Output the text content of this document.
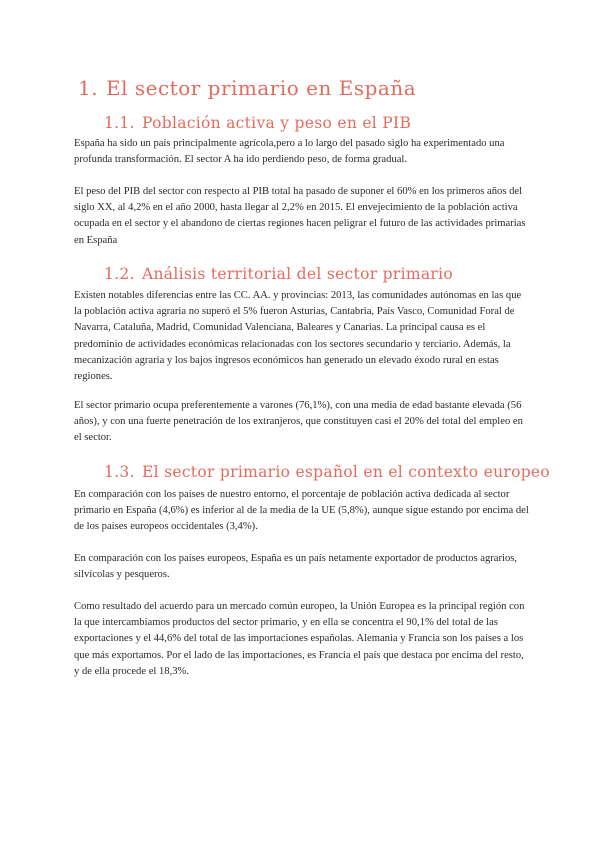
1. El sector primario en España
1.1. Población activa y peso en el PIB

España ha sido un país principalmente agrícola,pero a lo largo del pasado siglo ha experimentado una profunda transformación. El sector A ha ido perdiendo peso, de forma gradual.

El peso del PIB del sector con respecto al PIB total ha pasado de suponer el 60% en los primeros años del siglo XX, al 4,2% en el año 2000, hasta llegar al 2,2% en 2015. El envejecimiento de la población activa ocupada en el sector y el abandono de ciertas regiones hacen peligrar el futuro de las actividades primarias en España

1.2. Análisis territorial del sector primario

Existen notables diferencias entre las CC. AA. y provincias: 2013, las comunidades autónomas en las que la población activa agraria no superó el 5% fueron Asturias, Cantabria, País Vasco, Comunidad Foral de Navarra, Cataluña, Madrid, Comunidad Valenciana, Baleares y Canarias. La principal causa es el predominio de actividades económicas relacionadas con los sectores secundario y terciario. Además, la mecanización agraria y los bajos ingresos económicos han generado un elevado éxodo rural en estas regiones.

El sector primario ocupa preferentemente a varones (76,1%), con una media de edad bastante elevada (56 años), y con una fuerte penetración de los extranjeros, que constituyen casi el 20% del total del empleo en el sector.

1.3. El sector primario español en el contexto europeo

En comparación con los países de nuestro entorno, el porcentaje de población activa dedicada al sector primario en España (4,6%) es inferior al de la media de la UE (5,8%), aunque sigue estando por encima del de los países europeos occidentales (3,4%).

En comparación con los países europeos, España es un país netamente exportador de productos agrarios, silvícolas y pesqueros.

Como resultado del acuerdo para un mercado común europeo, la Unión Europea es la principal región con la que intercambiamos productos del sector primario, y en ella se concentra el 90,1% del total de las exportaciones y el 44,6% del total de las importaciones españolas. Alemania y Francia son los países a los que más exportamos. Por el lado de las importaciones, es Francia el país que destaca por encima del resto, y de ella procede el 18,3%.
